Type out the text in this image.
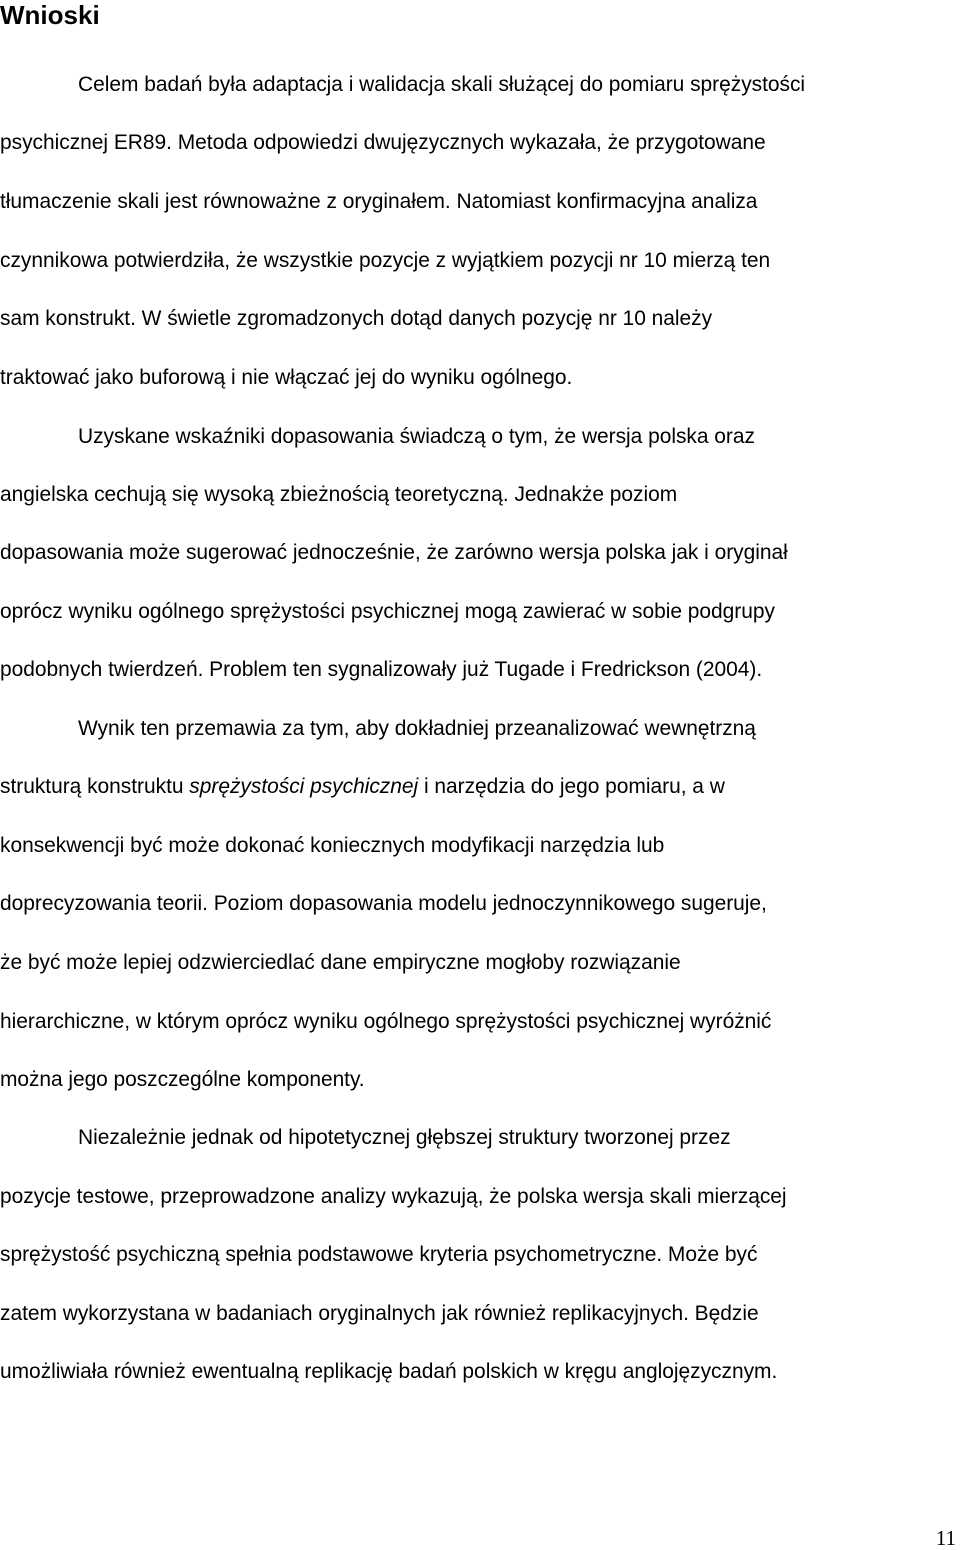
Wnioski
Celem badań była adaptacja i walidacja skali służącej do pomiaru sprężystości
psychicznej ER89. Metoda odpowiedzi dwujęzycznych wykazała, że przygotowane
tłumaczenie skali jest równoważne z oryginałem. Natomiast konfirmacyjna analiza
czynnikowa potwierdziła, że wszystkie pozycje z wyjątkiem pozycji nr 10 mierzą ten
sam konstrukt. W świetle zgromadzonych dotąd danych pozycję nr 10 należy
traktować jako buforową i nie włączać jej do wyniku ogólnego.
Uzyskane wskaźniki dopasowania świadczą o tym, że wersja polska oraz
angielska cechują się wysoką zbieżnością teoretyczną. Jednakże poziom
dopasowania może sugerować jednocześnie, że zarówno wersja polska jak i oryginał
oprócz wyniku ogólnego sprężystości psychicznej mogą zawierać w sobie podgrupy
podobnych twierdzeń. Problem ten sygnalizowały już Tugade i Fredrickson (2004).
Wynik ten przemawia za tym, aby dokładniej przeanalizować wewnętrzną
strukturą konstruktu sprężystości psychicznej i narzędzia do jego pomiaru, a w
konsekwencji być może dokonać koniecznych modyfikacji narzędzia lub
doprecyzowania teorii. Poziom dopasowania modelu jednoczynnikowego sugeruje,
że być może lepiej odzwierciedlać dane empiryczne mogłoby rozwiązanie
hierarchiczne, w którym oprócz wyniku ogólnego sprężystości psychicznej wyróżnić
można jego poszczególne komponenty.
Niezależnie jednak od hipotetycznej głębszej struktury tworzonej przez
pozycje testowe, przeprowadzone analizy wykazują, że polska wersja skali mierzącej
sprężystość psychiczną spełnia podstawowe kryteria psychometryczne. Może być
zatem wykorzystana w badaniach oryginalnych jak również replikacyjnych. Będzie
umożliwiała również ewentualną replikację badań polskich w kręgu anglojęzycznym.
11
